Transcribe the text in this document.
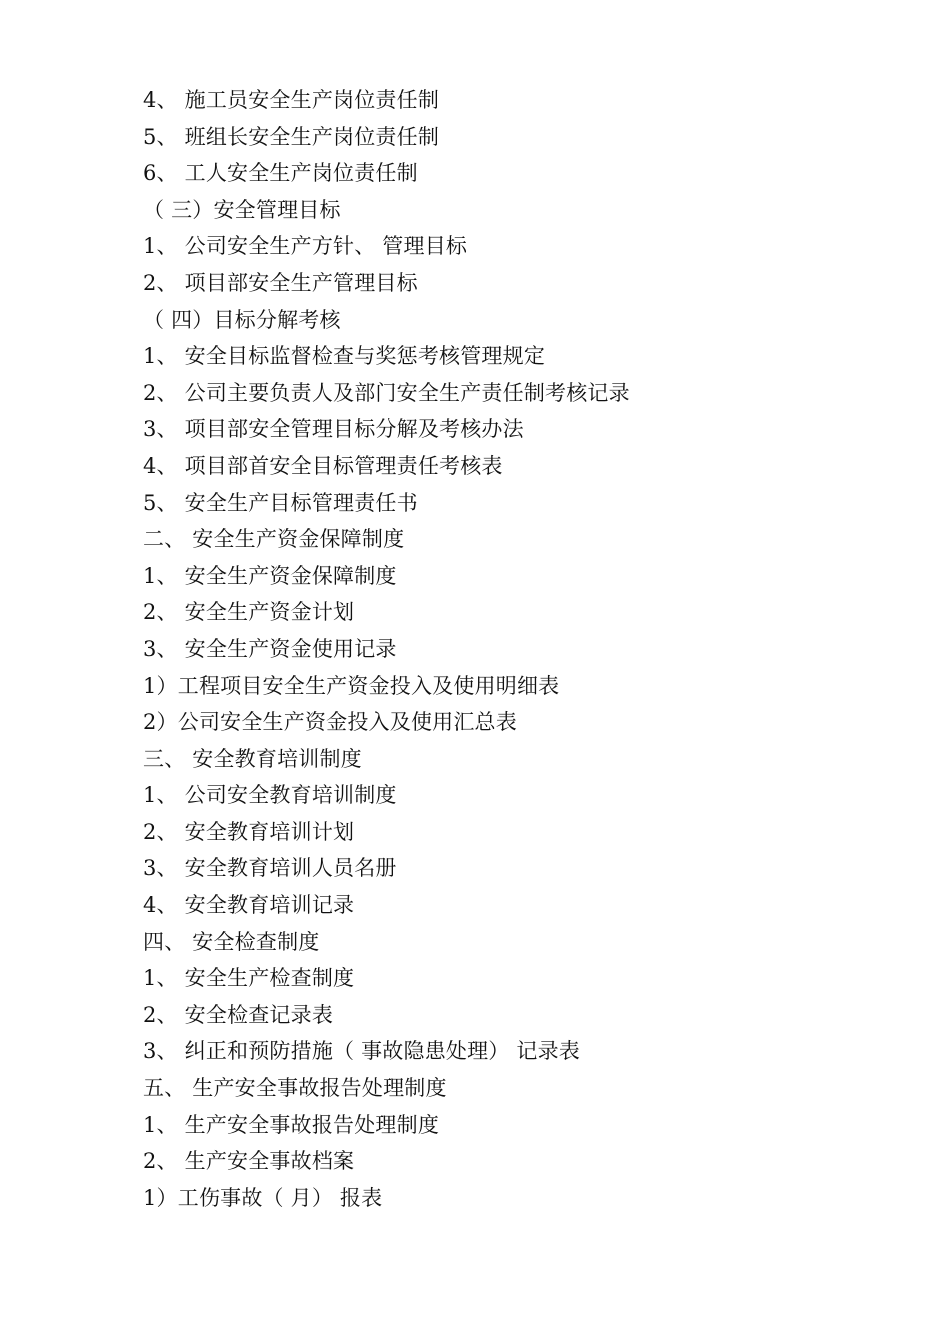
4、 施工员安全生产岗位责任制
5、 班组长安全生产岗位责任制
6、 工人安全生产岗位责任制
（ 三）安全管理目标
1、 公司安全生产方针、 管理目标
2、 项目部安全生产管理目标
（ 四）目标分解考核
1、 安全目标监督检查与奖惩考核管理规定
2、 公司主要负责人及部门安全生产责任制考核记录
3、 项目部安全管理目标分解及考核办法
4、 项目部首安全目标管理责任考核表
5、 安全生产目标管理责任书
二、 安全生产资金保障制度
1、 安全生产资金保障制度
2、 安全生产资金计划
3、 安全生产资金使用记录
1）工程项目安全生产资金投入及使用明细表
2）公司安全生产资金投入及使用汇总表
三、 安全教育培训制度
1、 公司安全教育培训制度
2、 安全教育培训计划
3、 安全教育培训人员名册
4、 安全教育培训记录
四、 安全检查制度
1、 安全生产检查制度
2、 安全检查记录表
3、 纠正和预防措施（ 事故隐患处理） 记录表
五、 生产安全事故报告处理制度
1、 生产安全事故报告处理制度
2、 生产安全事故档案
1）工伤事故（ 月） 报表
